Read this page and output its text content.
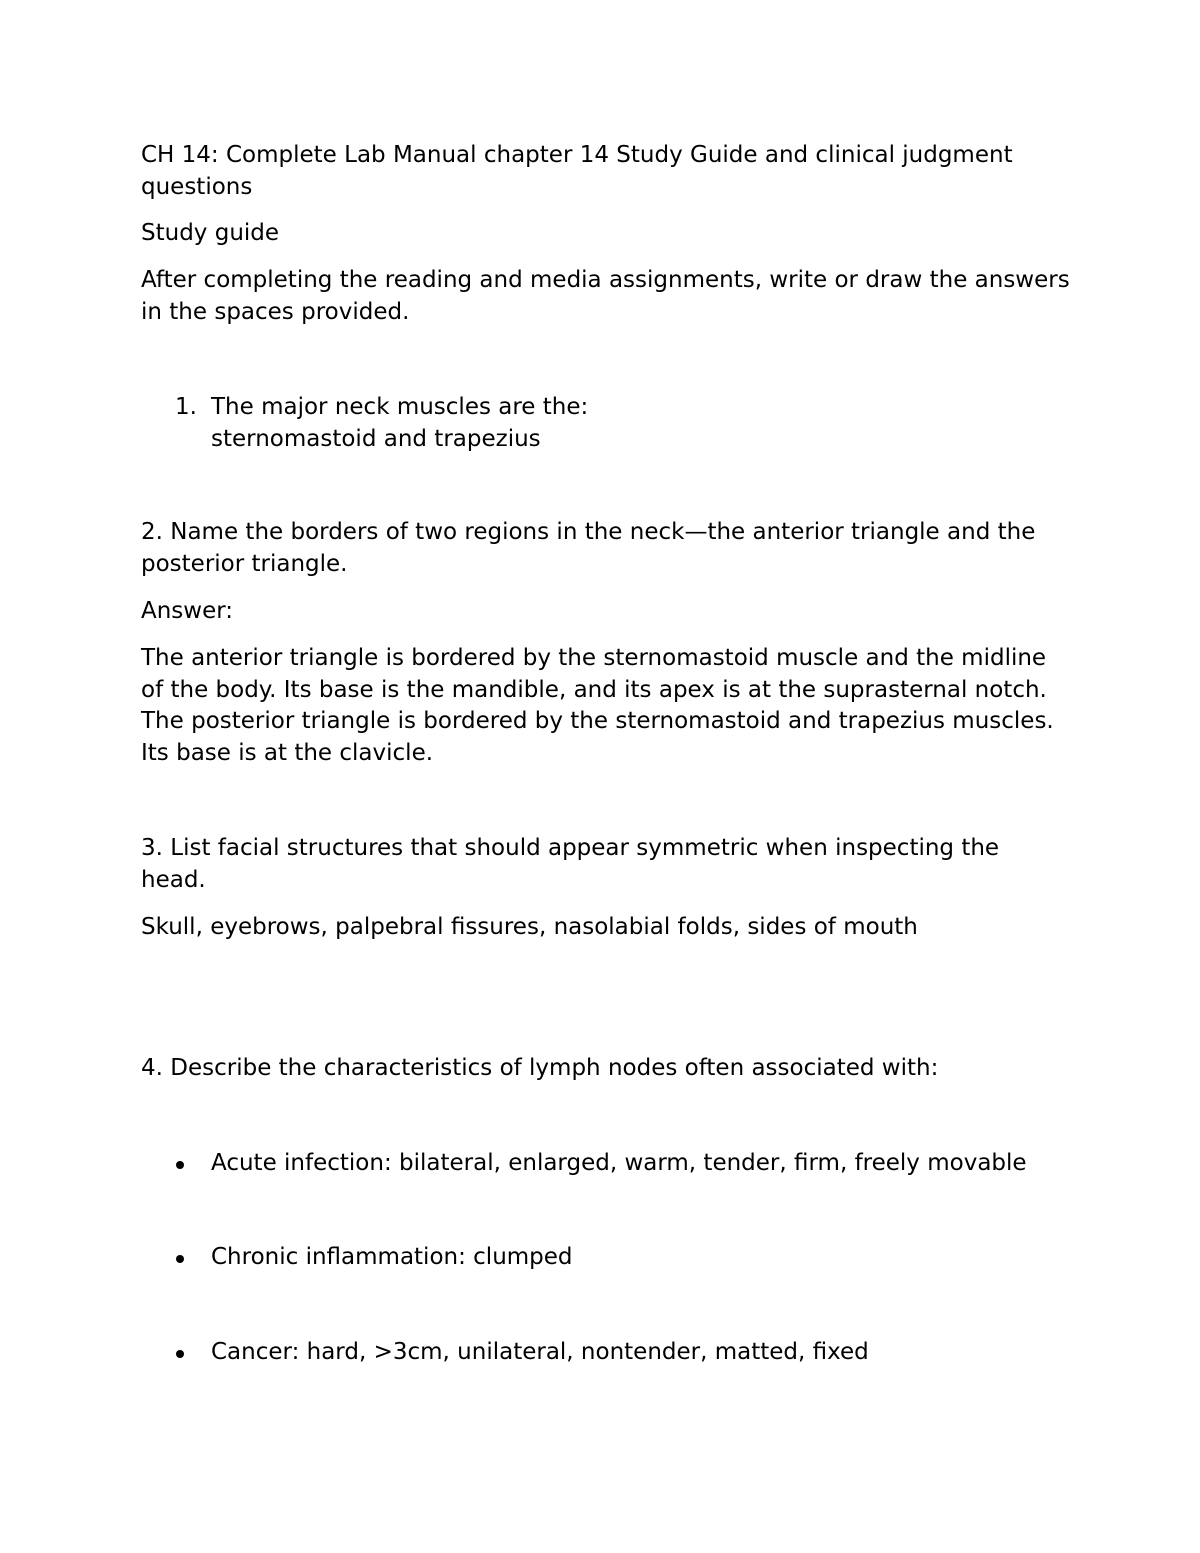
CH 14: Complete Lab Manual chapter 14 Study Guide and clinical judgment questions

Study guide

After completing the reading and media assignments, write or draw the answers in the spaces provided.

1. The major neck muscles are the:
sternomastoid and trapezius

2. Name the borders of two regions in the neck—the anterior triangle and the posterior triangle.

Answer:

The anterior triangle is bordered by the sternomastoid muscle and the midline of the body. Its base is the mandible, and its apex is at the suprasternal notch. The posterior triangle is bordered by the sternomastoid and trapezius muscles. Its base is at the clavicle.

3. List facial structures that should appear symmetric when inspecting the head.

Skull, eyebrows, palpebral fissures, nasolabial folds, sides of mouth

4. Describe the characteristics of lymph nodes often associated with:

Acute infection: bilateral, enlarged, warm, tender, firm, freely movable
Chronic inflammation: clumped
Cancer: hard, >3cm, unilateral, nontender, matted, fixed
